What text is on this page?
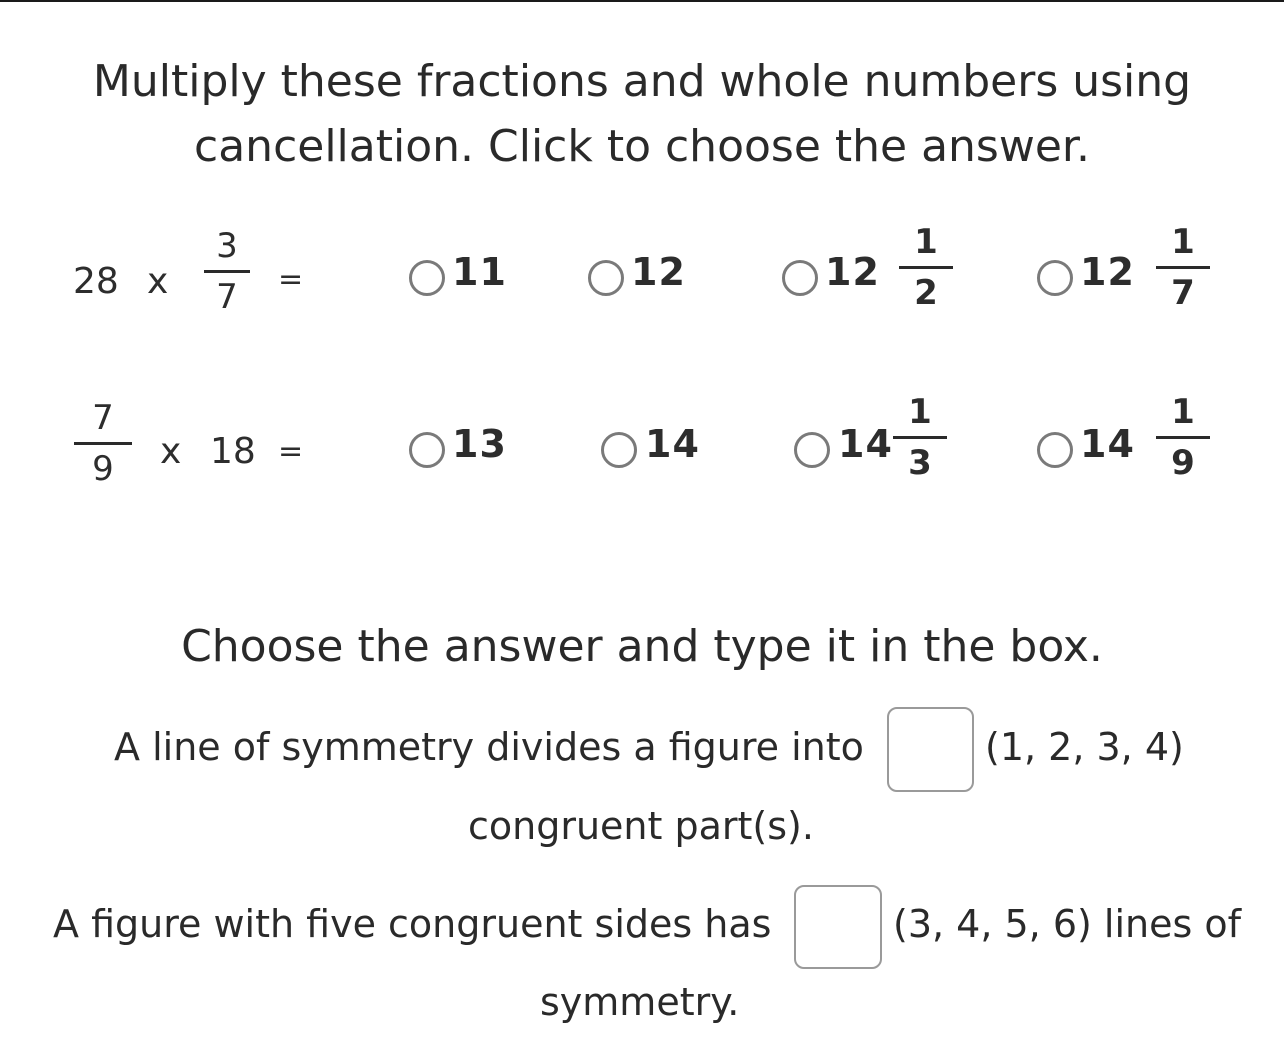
Multiply these fractions and whole numbers using
cancellation. Click to choose the answer.
28 x
3
7 =	11	12	12
1
2	12
1
7
7
9 x 18 =	13	14	14
1
3	14
1
9
Choose the answer and type it in the box.
A line of symmetry divides a figure into	(1, 2, 3, 4)
congruent part(s).
A figure with five congruent sides has	(3, 4, 5, 6) lines of
symmetry.
